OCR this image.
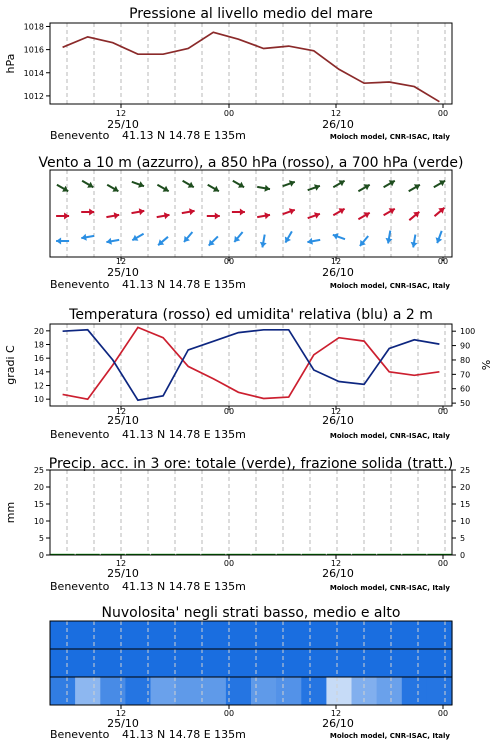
1012
1014
1016
1018
hPa
Pressione al livello medio del mare
12	00	12	00
25/10	26/10
Benevento 41.13 N 14.78 E 135m	Moloch model, CNR-ISAC, Italy
Vento a 10 m (azzurro), a 850 hPa (rosso), a 700 hPa (verde)
12	00	12	00
25/10	26/10
Benevento 41.13 N 14.78 E 135m	Moloch model, CNR-ISAC, Italy
10
12
14
16
18
20
50
60
70
80
90
100
gradi C	%
Temperatura (rosso) ed umidita' relativa (blu) a 2 m
12	00	12	00
25/10	26/10
Benevento 41.13 N 14.78 E 135m	Moloch model, CNR-ISAC, Italy
0
5
10
15
20
25
0
5
10
15
20
25
mm
Precip. acc. in 3 ore: totale (verde), frazione solida (tratt.)
12	00	12	00
25/10	26/10
Benevento 41.13 N 14.78 E 135m	Moloch model, CNR-ISAC, Italy
Nuvolosita' negli strati basso, medio e alto
12	00	12	00
25/10	26/10
Benevento 41.13 N 14.78 E 135m	Moloch model, CNR-ISAC, Italy
